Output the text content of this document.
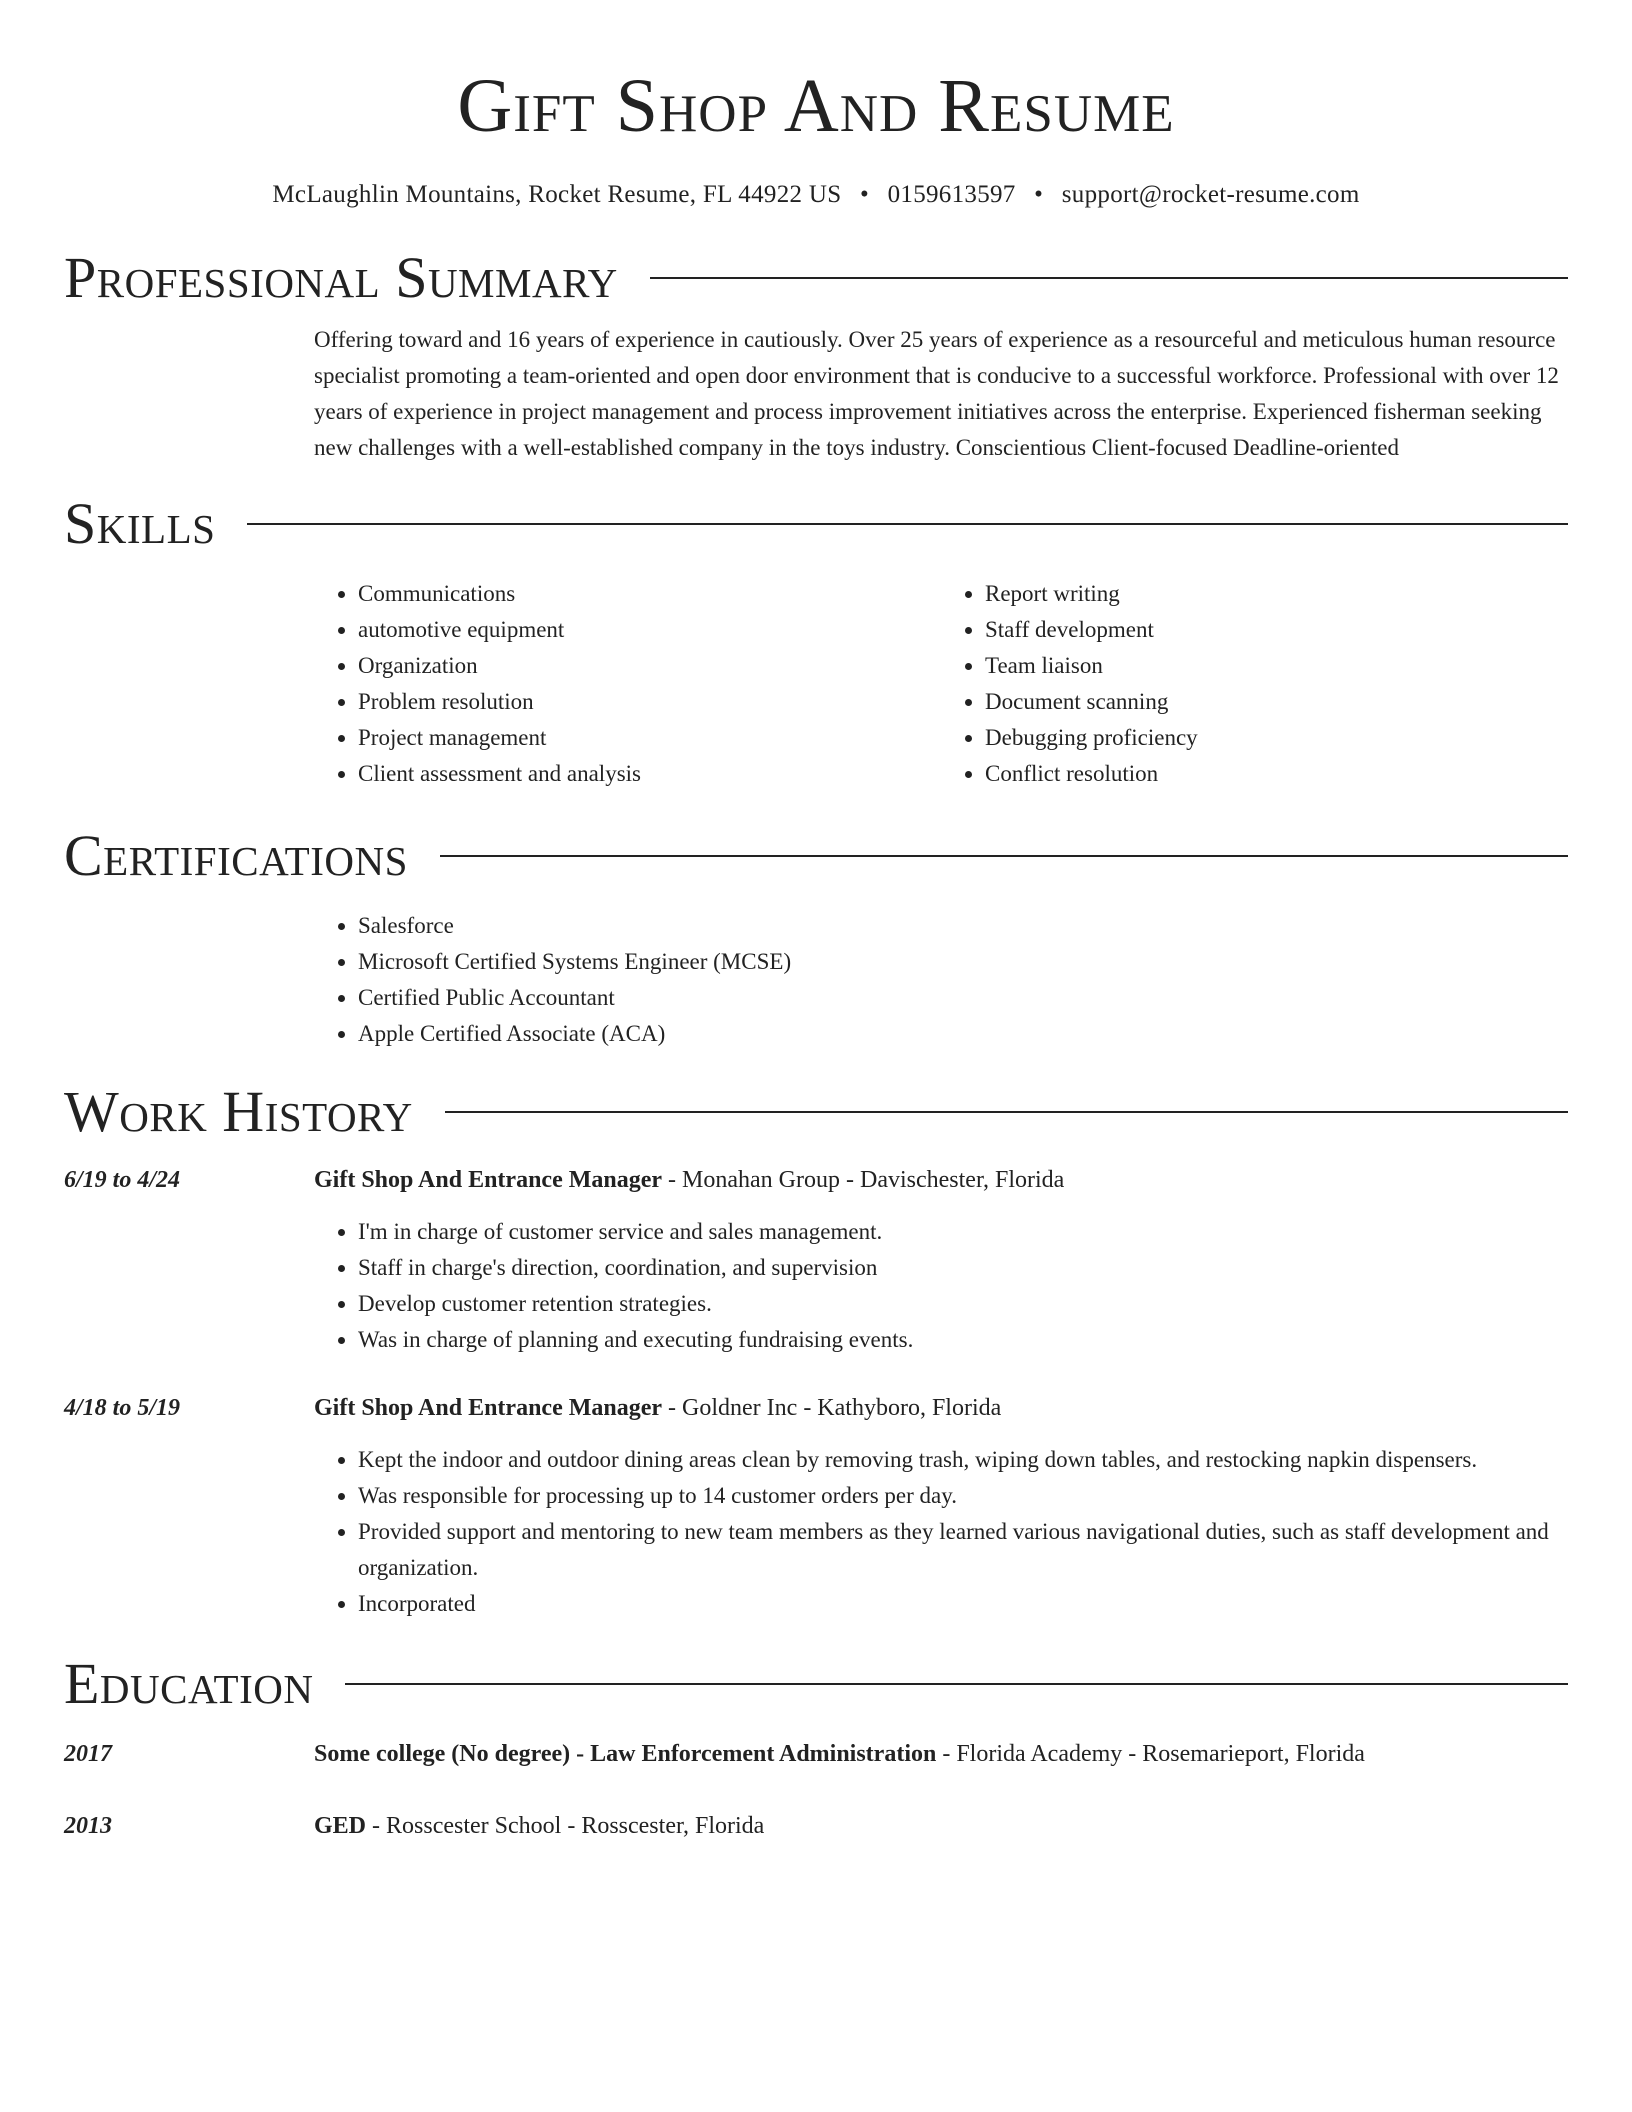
Gift Shop And Resume
McLaughlin Mountains, Rocket Resume, FL 44922 US • 0159613597 • support@rocket-resume.com
Professional Summary

Offering toward and 16 years of experience in cautiously. Over 25 years of experience as a resourceful and meticulous human resource specialist promoting a team-oriented and open door environment that is conducive to a successful workforce. Professional with over 12 years of experience in project management and process improvement initiatives across the enterprise. Experienced fisherman seeking new challenges with a well-established company in the toys industry. Conscientious Client-focused Deadline-oriented

Skills
• Communications
• automotive equipment
• Organization
• Problem resolution
• Project management
• Client assessment and analysis
• Report writing
• Staff development
• Team liaison
• Document scanning
• Debugging proficiency
• Conflict resolution
Certifications
• Salesforce
• Microsoft Certified Systems Engineer (MCSE)
• Certified Public Accountant
• Apple Certified Associate (ACA)
Work History
6/19 to 4/24	Gift Shop And Entrance Manager - Monahan Group - Davischester, Florida
• I'm in charge of customer service and sales management.
• Staff in charge's direction, coordination, and supervision
• Develop customer retention strategies.
• Was in charge of planning and executing fundraising events.
4/18 to 5/19	Gift Shop And Entrance Manager - Goldner Inc - Kathyboro, Florida
• Kept the indoor and outdoor dining areas clean by removing trash, wiping down tables, and restocking napkin dispensers.
• Was responsible for processing up to 14 customer orders per day.
• Provided support and mentoring to new team members as they learned various navigational duties, such as staff development and organization.
• Incorporated
Education
2017	Some college (No degree) - Law Enforcement Administration - Florida Academy - Rosemarieport, Florida
2013	GED - Rosscester School - Rosscester, Florida
